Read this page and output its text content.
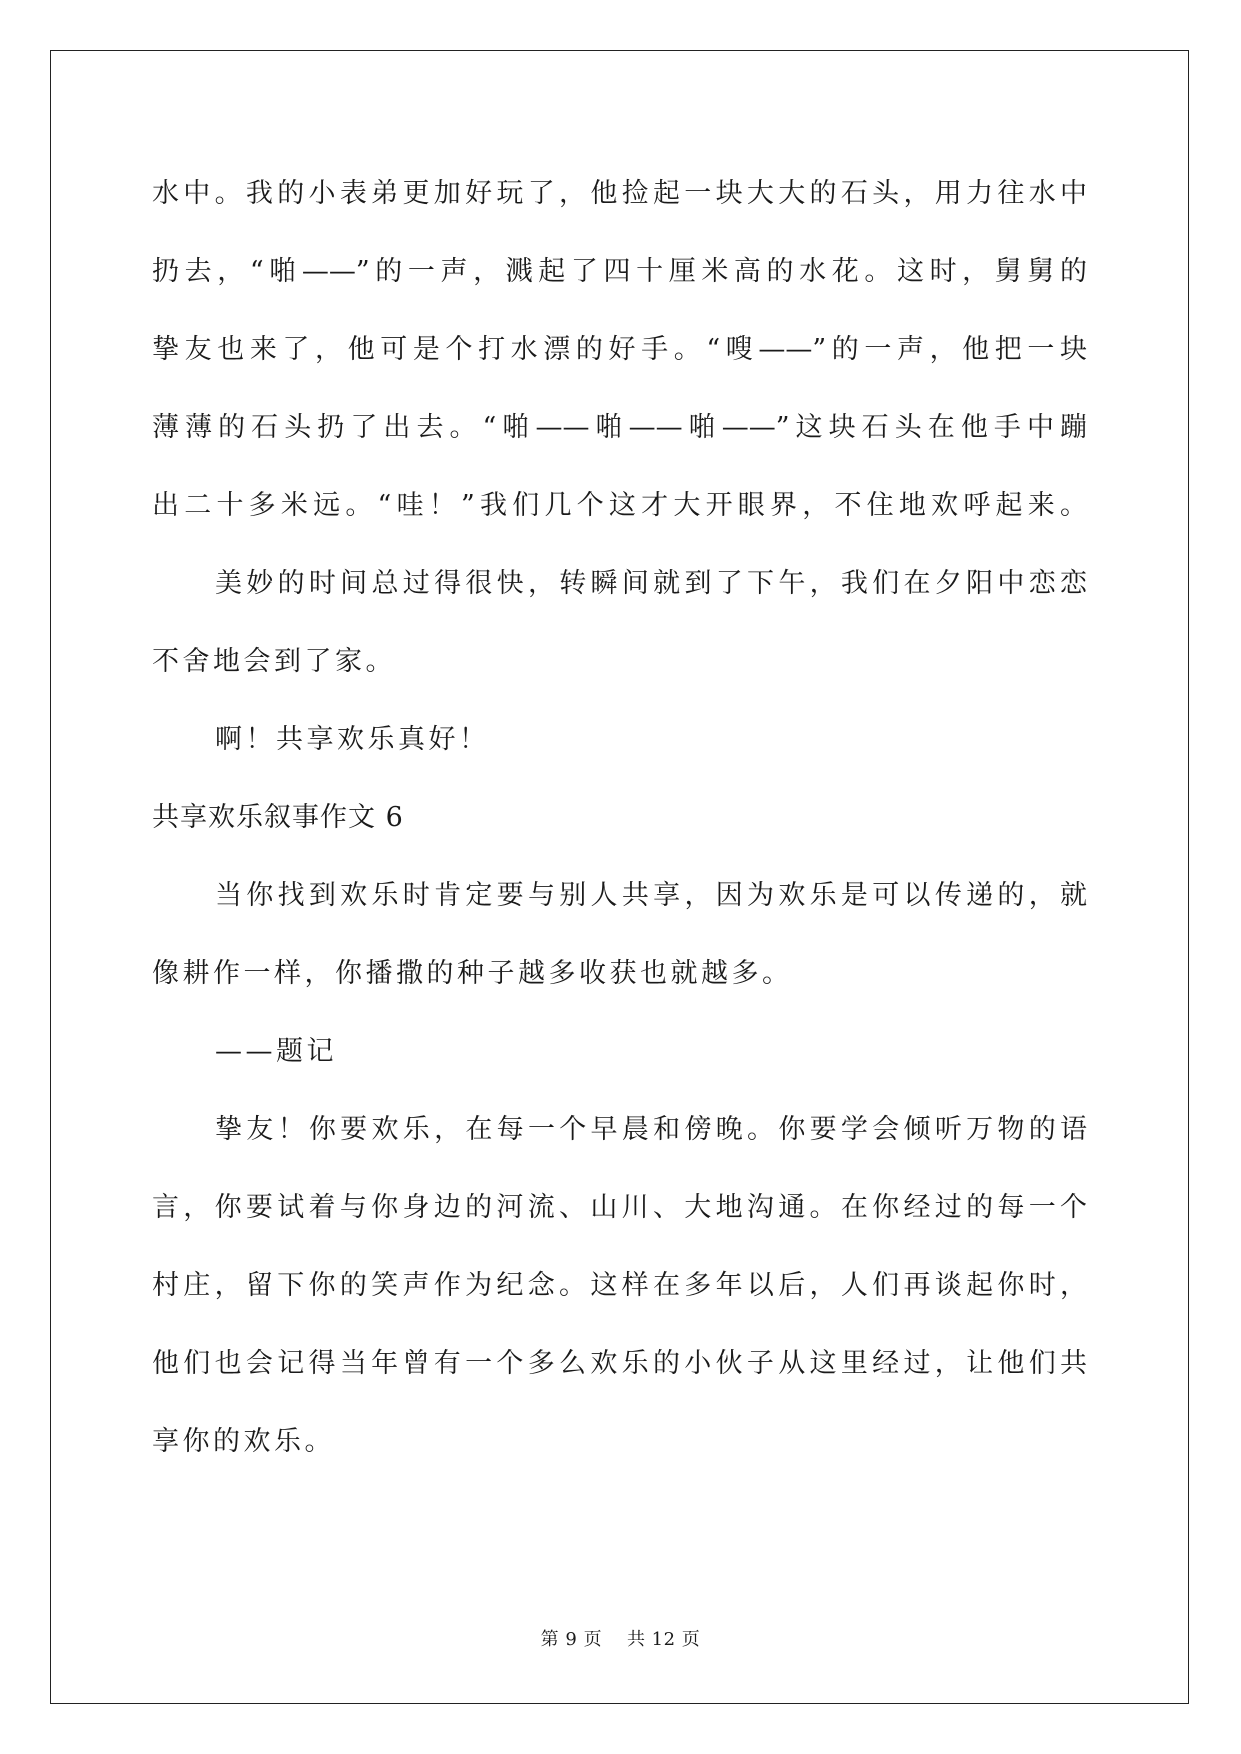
水中。我的小表弟更加好玩了，他捡起一块大大的石头，用力往水中
扔去，“啪——”的一声，溅起了四十厘米高的水花。这时，舅舅的
挚友也来了，他可是个打水漂的好手。“嗖——”的一声，他把一块
薄薄的石头扔了出去。“啪——啪——啪——”这块石头在他手中蹦
出二十多米远。“哇！”我们几个这才大开眼界，不住地欢呼起来。
美妙的时间总过得很快，转瞬间就到了下午，我们在夕阳中恋恋
不舍地会到了家。
啊！共享欢乐真好！
共享欢乐叙事作文 6
当你找到欢乐时肯定要与别人共享，因为欢乐是可以传递的，就
像耕作一样，你播撒的种子越多收获也就越多。
——题记
挚友！你要欢乐，在每一个早晨和傍晚。你要学会倾听万物的语
言，你要试着与你身边的河流、山川、大地沟通。在你经过的每一个
村庄，留下你的笑声作为纪念。这样在多年以后，人们再谈起你时，
他们也会记得当年曾有一个多么欢乐的小伙子从这里经过，让他们共
享你的欢乐。
第 9 页    共 12 页
